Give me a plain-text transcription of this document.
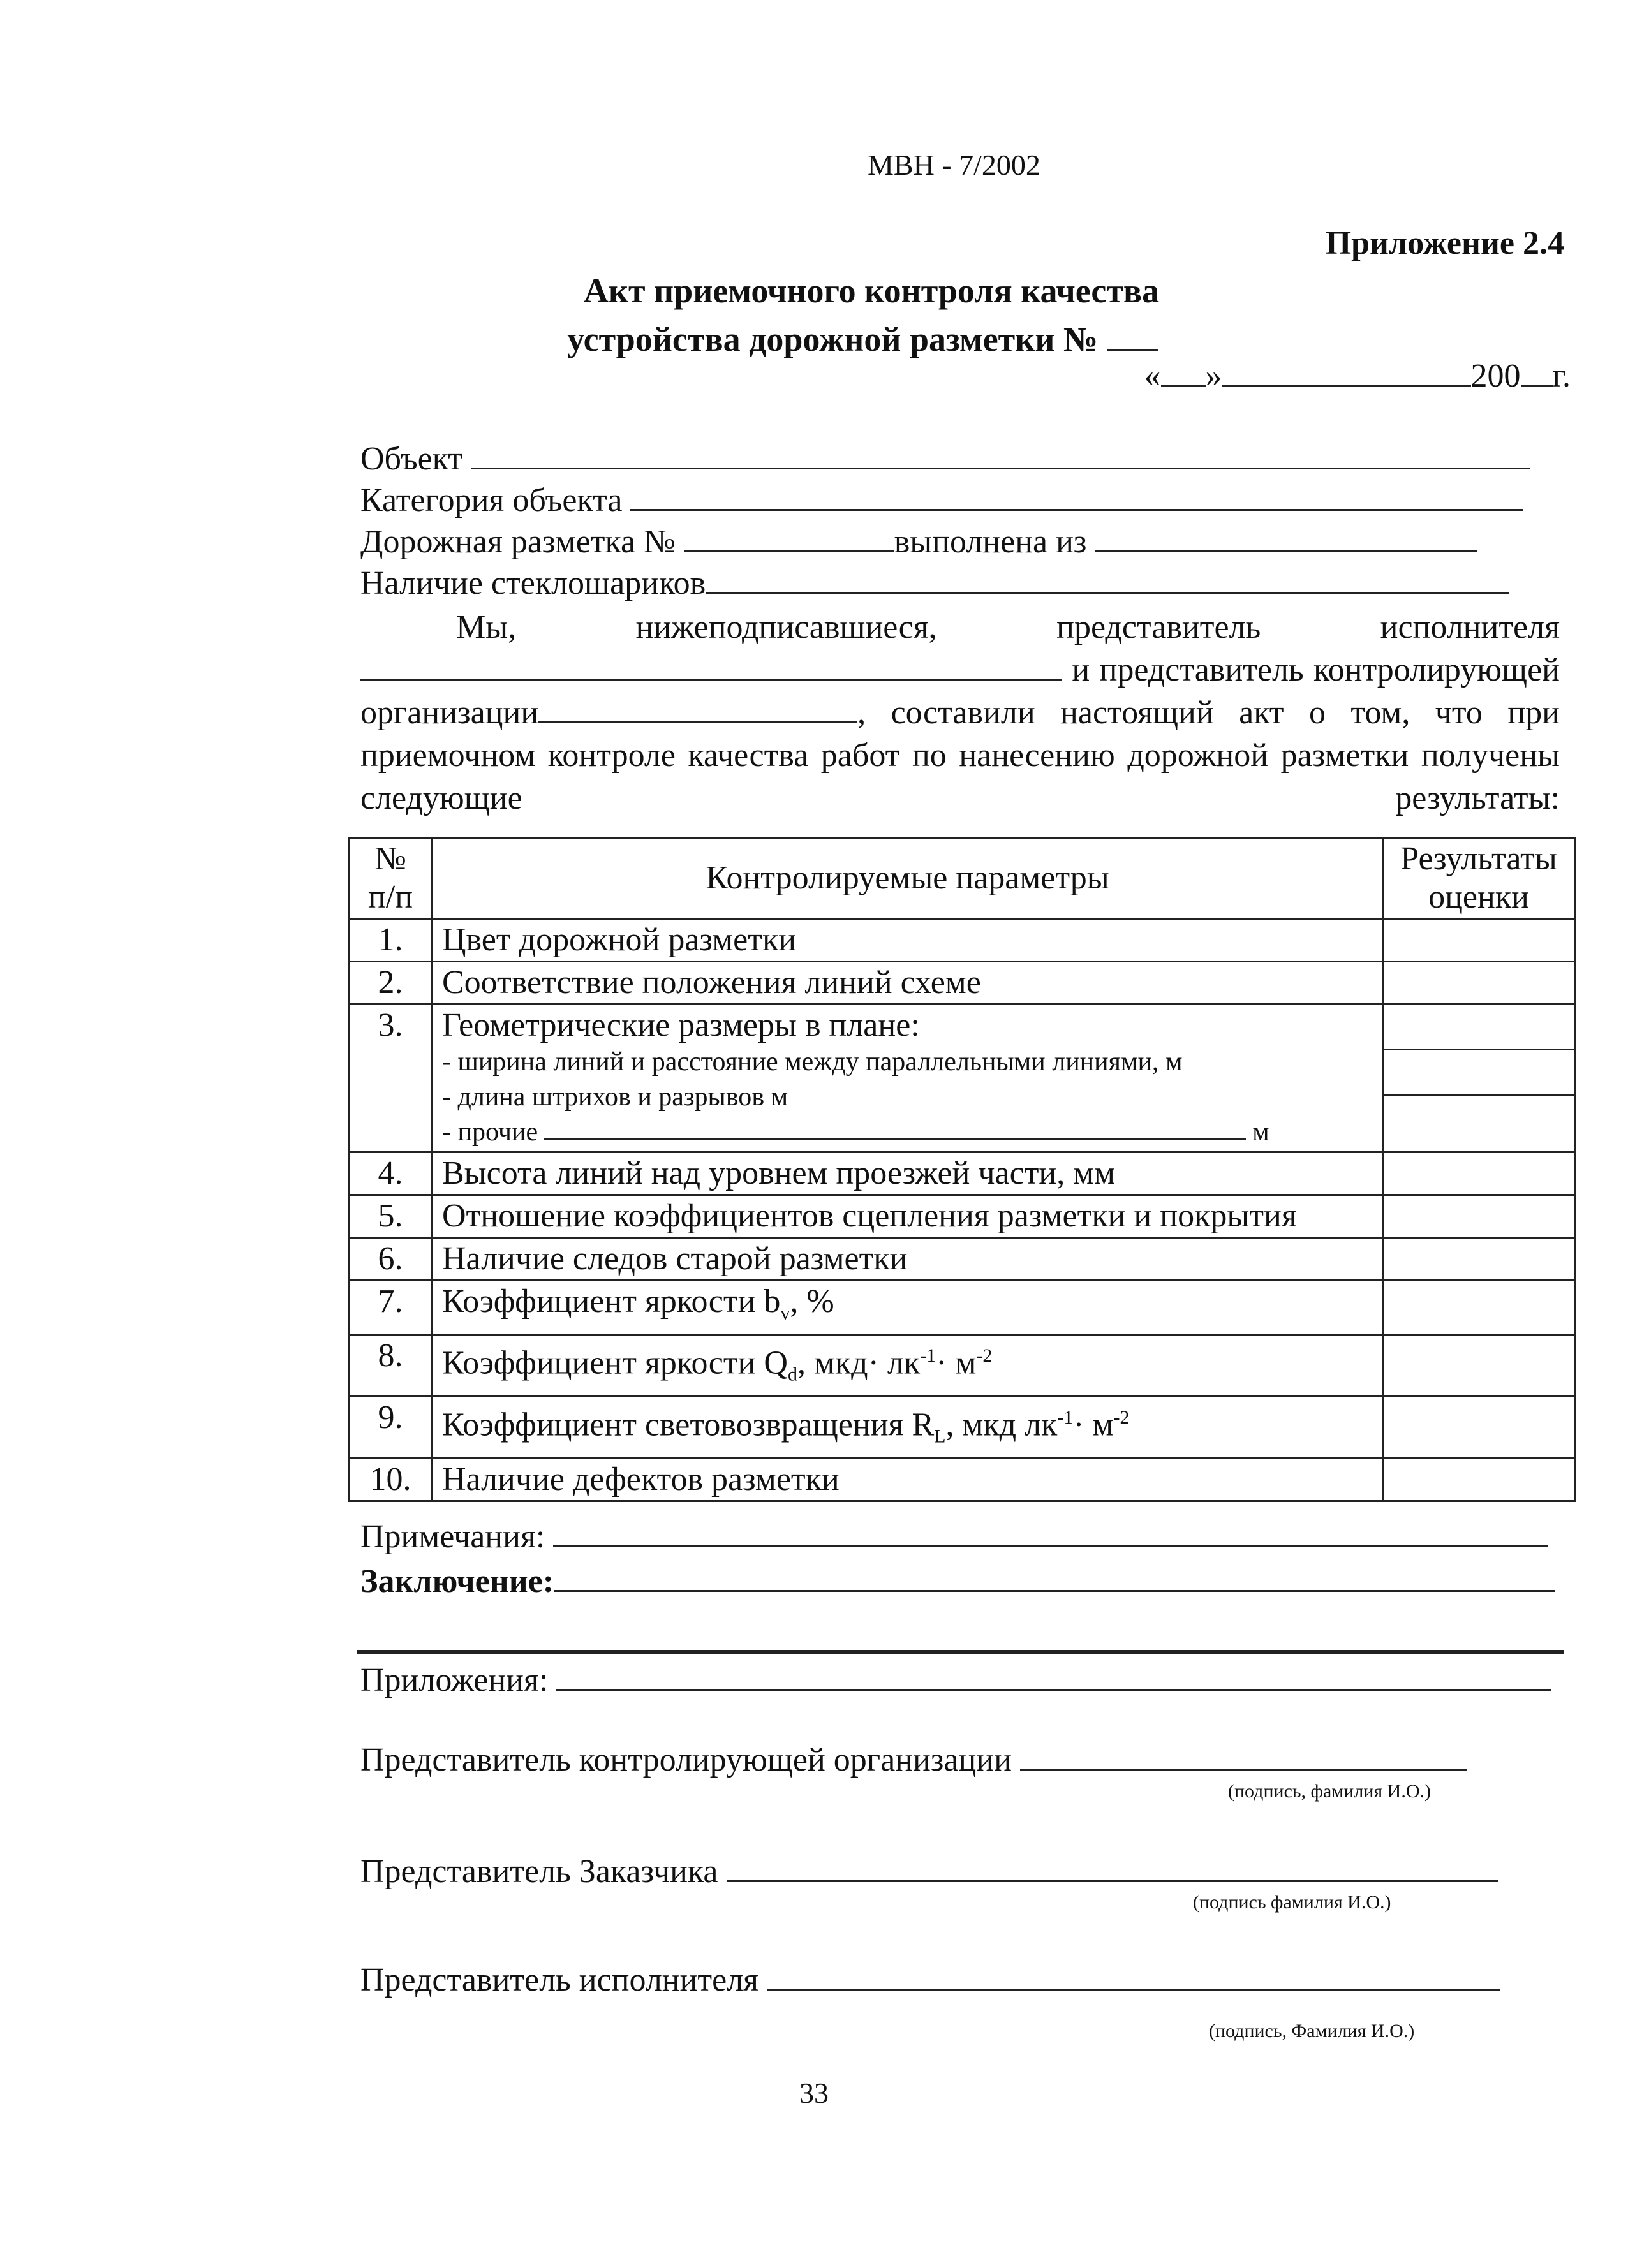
МВН - 7/2002
Приложение 2.4
Акт приемочного контроля качества
устройства дорожной разметки №
« »	200 г.
Объект
Категория объекта
Дорожная разметка №	выполнена из
Наличие стеклошариков
Мы, нижеподписавшиеся, представитель исполнителя
и представитель контролирующей организации	, составили настоящий акт о том, что при приемочном контроле качества работ по нанесению дорожной разметки получены следующие результаты:
№ п/п	Контролируемые параметры	Результаты оценки
1.	Цвет дорожной разметки	
2.	Соответствие положения линий схеме	
3.	Геометрические размеры в плане:
- ширина линий и расстояние между параллельными линиями, м
- длина штрихов и разрывов м
- прочие м	

4.	Высота линий над уровнем проезжей части, мм	
5.	Отношение коэффициентов сцепления разметки и покрытия	
6.	Наличие следов старой разметки	
7.	Коэффициент яркости $b_v$, %	
8.	Коэффициент яркости $Q_d$, $мкд\cdot лк^{-1}\cdot м^{-2}$	
9.	Коэффициент световозвращения $R_L$, мкд $лк^{-1}\cdot м^{-2}$	
10.	Наличие дефектов разметки	
Примечания:
Заключение:
Приложения:
Представитель контролирующей организации
(подпись, фамилия И.О.)
Представитель Заказчика
(подпись фамилия И.О.)
Представитель исполнителя
(подпись, Фамилия И.О.)
33
